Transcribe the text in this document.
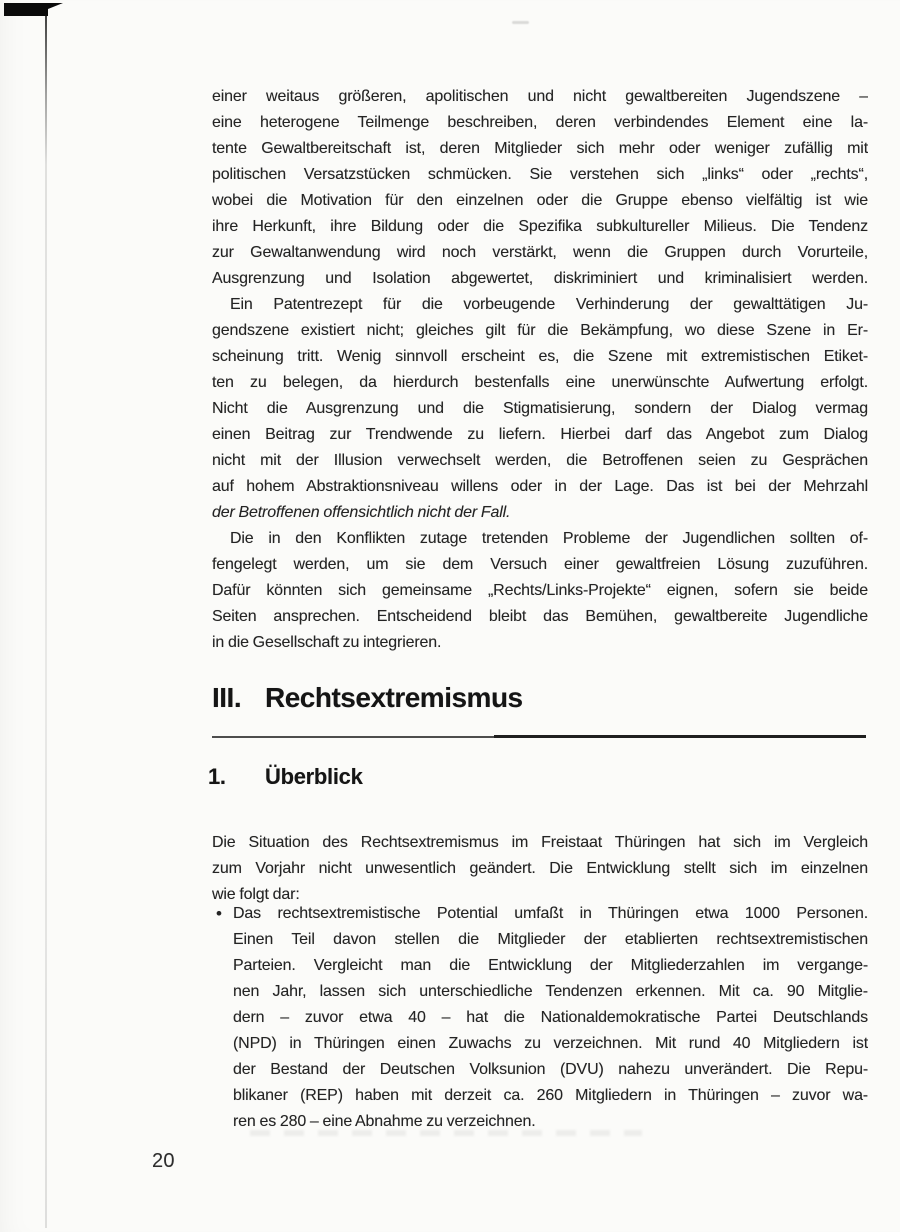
einer weitaus größeren, apolitischen und nicht gewaltbereiten Jugendszene –
eine heterogene Teilmenge beschreiben, deren verbindendes Element eine la-
tente Gewaltbereitschaft ist, deren Mitglieder sich mehr oder weniger zufällig mit
politischen Versatzstücken schmücken. Sie verstehen sich „links“ oder „rechts“,
wobei die Motivation für den einzelnen oder die Gruppe ebenso vielfältig ist wie
ihre Herkunft, ihre Bildung oder die Spezifika subkultureller Milieus. Die Tendenz
zur Gewaltanwendung wird noch verstärkt, wenn die Gruppen durch Vorurteile,
Ausgrenzung und Isolation abgewertet, diskriminiert und kriminalisiert werden.
Ein Patentrezept für die vorbeugende Verhinderung der gewalttätigen Ju-
gendszene existiert nicht; gleiches gilt für die Bekämpfung, wo diese Szene in Er-
scheinung tritt. Wenig sinnvoll erscheint es, die Szene mit extremistischen Etiket-
ten zu belegen, da hierdurch bestenfalls eine unerwünschte Aufwertung erfolgt.
Nicht die Ausgrenzung und die Stigmatisierung, sondern der Dialog vermag
einen Beitrag zur Trendwende zu liefern. Hierbei darf das Angebot zum Dialog
nicht mit der Illusion verwechselt werden, die Betroffenen seien zu Gesprächen
auf hohem Abstraktionsniveau willens oder in der Lage. Das ist bei der Mehrzahl
der Betroffenen offensichtlich nicht der Fall.
Die in den Konflikten zutage tretenden Probleme der Jugendlichen sollten of-
fengelegt werden, um sie dem Versuch einer gewaltfreien Lösung zuzuführen.
Dafür könnten sich gemeinsame „Rechts/Links-Projekte“ eignen, sofern sie beide
Seiten ansprechen. Entscheidend bleibt das Bemühen, gewaltbereite Jugendliche
in die Gesellschaft zu integrieren.
III. Rechtsextremismus
1. Überblick
Die Situation des Rechtsextremismus im Freistaat Thüringen hat sich im Vergleich
zum Vorjahr nicht unwesentlich geändert. Die Entwicklung stellt sich im einzelnen
wie folgt dar:
• Das rechtsextremistische Potential umfaßt in Thüringen etwa 1000 Personen.
Einen Teil davon stellen die Mitglieder der etablierten rechtsextremistischen
Parteien. Vergleicht man die Entwicklung der Mitgliederzahlen im vergange-
nen Jahr, lassen sich unterschiedliche Tendenzen erkennen. Mit ca. 90 Mitglie-
dern – zuvor etwa 40 – hat die Nationaldemokratische Partei Deutschlands
(NPD) in Thüringen einen Zuwachs zu verzeichnen. Mit rund 40 Mitgliedern ist
der Bestand der Deutschen Volksunion (DVU) nahezu unverändert. Die Repu-
blikaner (REP) haben mit derzeit ca. 260 Mitgliedern in Thüringen – zuvor wa-
ren es 280 – eine Abnahme zu verzeichnen.
20
